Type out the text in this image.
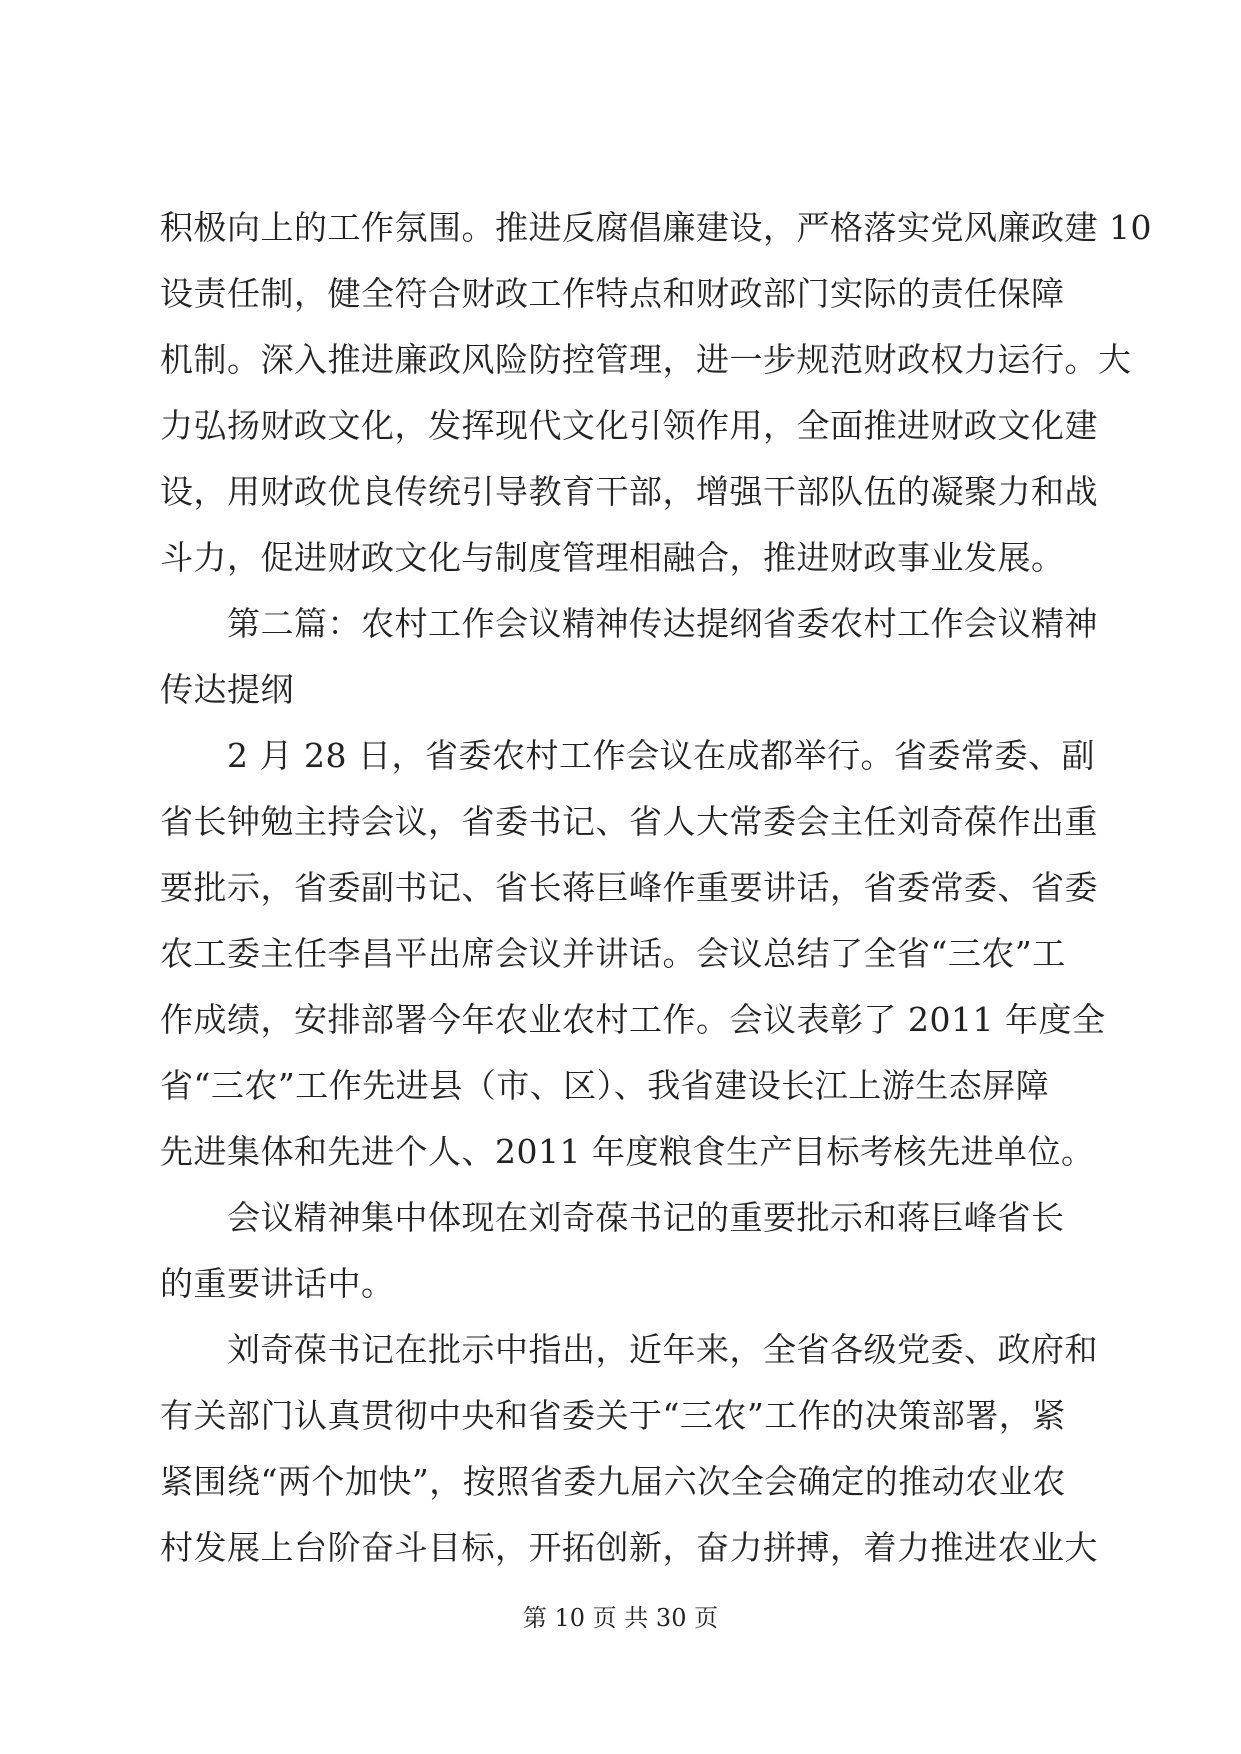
积极向上的工作氛围。推进反腐倡廉建设，严格落实党风廉政建 10
设责任制，健全符合财政工作特点和财政部门实际的责任保障
机制。深入推进廉政风险防控管理，进一步规范财政权力运行。大
力弘扬财政文化，发挥现代文化引领作用，全面推进财政文化建
设，用财政优良传统引导教育干部，增强干部队伍的凝聚力和战
斗力，促进财政文化与制度管理相融合，推进财政事业发展。
　　第二篇：农村工作会议精神传达提纲省委农村工作会议精神
传达提纲
　　2 月 28 日，省委农村工作会议在成都举行。省委常委、副
省长钟勉主持会议，省委书记、省人大常委会主任刘奇葆作出重
要批示，省委副书记、省长蒋巨峰作重要讲话，省委常委、省委
农工委主任李昌平出席会议并讲话。会议总结了全省“三农”工
作成绩，安排部署今年农业农村工作。会议表彰了 2011 年度全
省“三农”工作先进县（市、区）、我省建设长江上游生态屏障
先进集体和先进个人、2011 年度粮食生产目标考核先进单位。
　　会议精神集中体现在刘奇葆书记的重要批示和蒋巨峰省长
的重要讲话中。
　　刘奇葆书记在批示中指出，近年来，全省各级党委、政府和
有关部门认真贯彻中央和省委关于“三农”工作的决策部署，紧
紧围绕“两个加快”，按照省委九届六次全会确定的推动农业农
村发展上台阶奋斗目标，开拓创新，奋力拼搏，着力推进农业大
第 10 页 共 30 页
